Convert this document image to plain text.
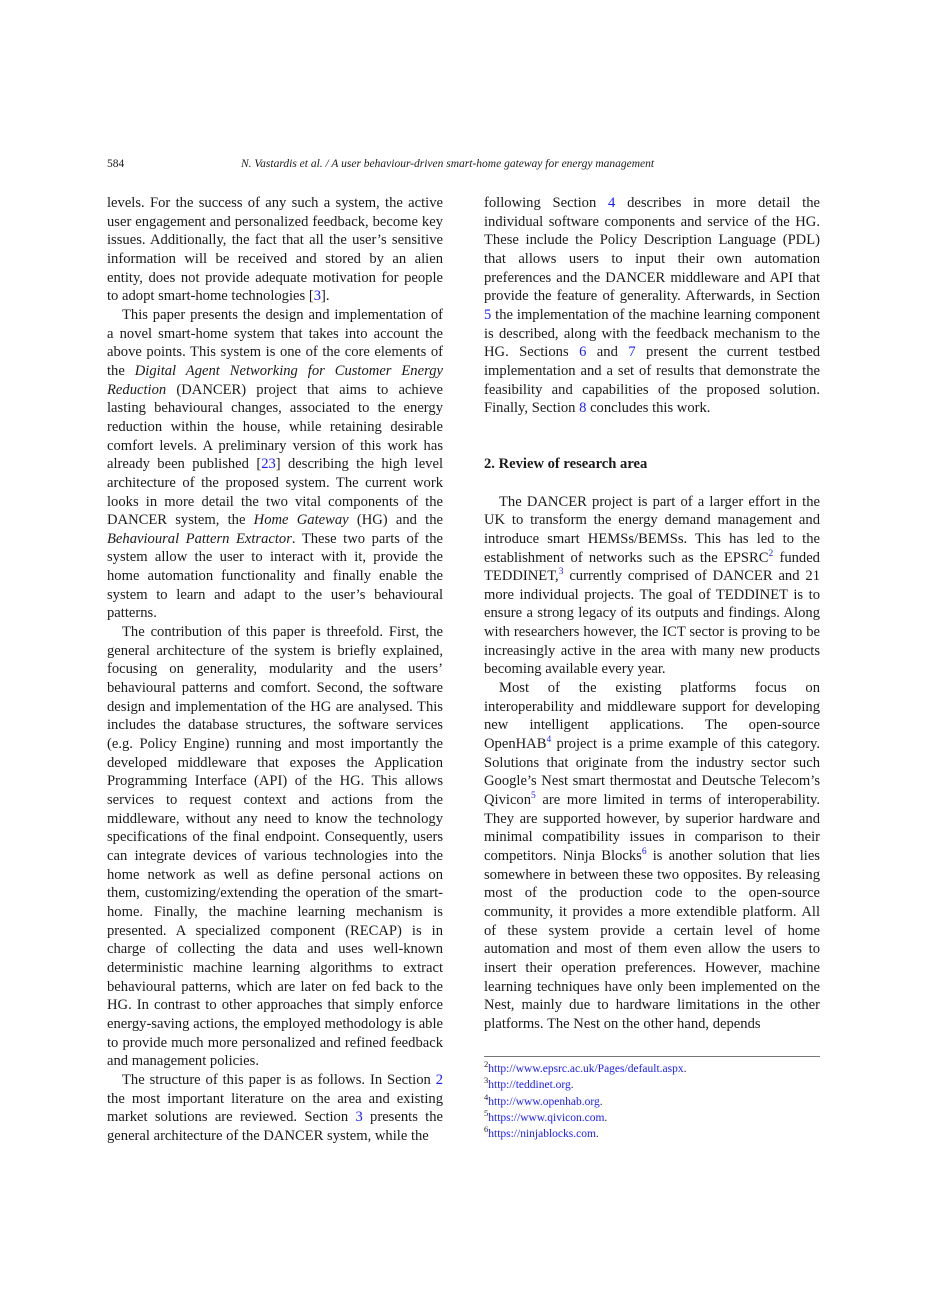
584	N. Vastardis et al. / A user behaviour-driven smart-home gateway for energy management

levels. For the success of any such a system, the active user engagement and personalized feedback, become key issues. Additionally, the fact that all the user’s sensitive information will be received and stored by an alien entity, does not provide adequate motivation for people to adopt smart-home technologies [3].

This paper presents the design and implementation of a novel smart-home system that takes into account the above points. This system is one of the core elements of the Digital Agent Networking for Customer Energy Reduction (DANCER) project that aims to achieve lasting behavioural changes, associated to the energy reduction within the house, while retaining desirable comfort levels. A preliminary version of this work has already been published [23] describing the high level architecture of the proposed system. The current work looks in more detail the two vital components of the DANCER system, the Home Gateway (HG) and the Behavioural Pattern Extractor. These two parts of the system allow the user to interact with it, provide the home automation functionality and finally enable the system to learn and adapt to the user’s behavioural patterns.

The contribution of this paper is threefold. First, the general architecture of the system is briefly explained, focusing on generality, modularity and the users’ behavioural patterns and comfort. Second, the software design and implementation of the HG are analysed. This includes the database structures, the software services (e.g. Policy Engine) running and most importantly the developed middleware that exposes the Application Programming Interface (API) of the HG. This allows services to request context and actions from the middleware, without any need to know the technology specifications of the final endpoint. Consequently, users can integrate devices of various technologies into the home network as well as define personal actions on them, customizing/extending the operation of the smart-home. Finally, the machine learning mechanism is presented. A specialized component (RECAP) is in charge of collecting the data and uses well-known deterministic machine learning algorithms to extract behavioural patterns, which are later on fed back to the HG. In contrast to other approaches that simply enforce energy-saving actions, the employed methodology is able to provide much more personalized and refined feedback and management policies.

The structure of this paper is as follows. In Section 2 the most important literature on the area and existing market solutions are reviewed. Section 3 presents the general architecture of the DANCER system, while the

following Section 4 describes in more detail the individual software components and service of the HG. These include the Policy Description Language (PDL) that allows users to input their own automation preferences and the DANCER middleware and API that provide the feature of generality. Afterwards, in Section 5 the implementation of the machine learning component is described, along with the feedback mechanism to the HG. Sections 6 and 7 present the current testbed implementation and a set of results that demonstrate the feasibility and capabilities of the proposed solution. Finally, Section 8 concludes this work.

2. Review of research area

The DANCER project is part of a larger effort in the UK to transform the energy demand management and introduce smart HEMSs/BEMSs. This has led to the establishment of networks such as the EPSRC$^2$ funded TEDDINET,$^3$ currently comprised of DANCER and 21 more individual projects. The goal of TEDDINET is to ensure a strong legacy of its outputs and findings. Along with researchers however, the ICT sector is proving to be increasingly active in the area with many new products becoming available every year.

Most of the existing platforms focus on interoperability and middleware support for developing new intelligent applications. The open-source OpenHAB$^4$ project is a prime example of this category. Solutions that originate from the industry sector such Google’s Nest smart thermostat and Deutsche Telecom’s Qivicon$^5$ are more limited in terms of interoperability. They are supported however, by superior hardware and minimal compatibility issues in comparison to their competitors. Ninja Blocks$^6$ is another solution that lies somewhere in between these two opposites. By releasing most of the production code to the open-source community, it provides a more extendible platform. All of these system provide a certain level of home automation and most of them even allow the users to insert their operation preferences. However, machine learning techniques have only been implemented on the Nest, mainly due to hardware limitations in the other platforms. The Nest on the other hand, depends

$^2$http://www.epsrc.ac.uk/Pages/default.aspx.
$^3$http://teddinet.org.
$^4$http://www.openhab.org.
$^5$https://www.qivicon.com.
$^6$https://ninjablocks.com.
